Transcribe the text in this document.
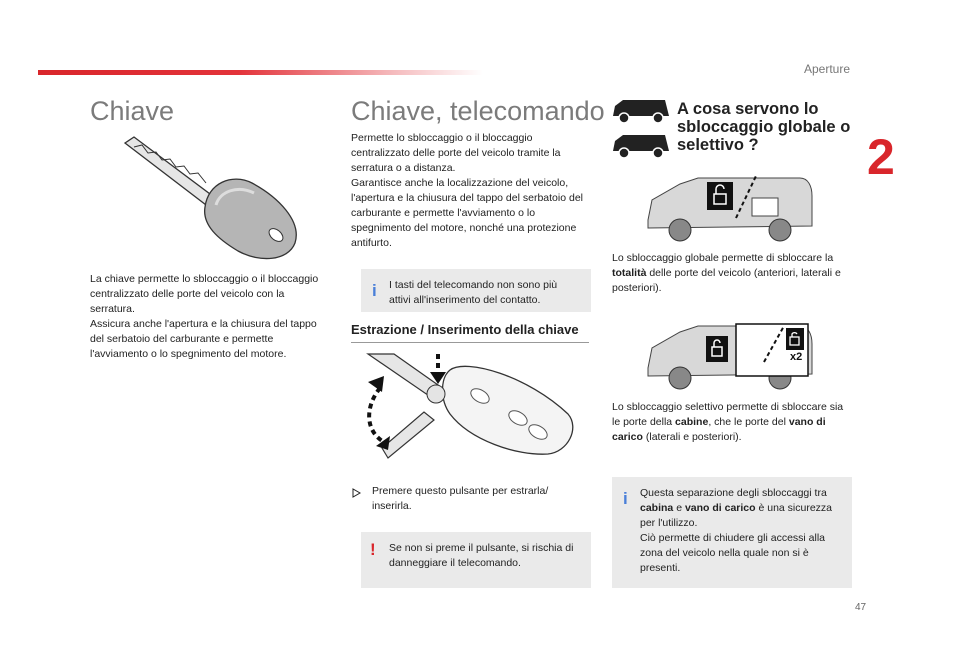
Aperture
2
47
Chiave

La chiave permette lo sbloccaggio o il bloccaggio centralizzato delle porte del veicolo con la serratura.

Assicura anche l'apertura e la chiusura del tappo del serbatoio del carburante e permette l'avviamento o lo spegnimento del motore.

Chiave, telecomando

Permette lo sbloccaggio o il bloccaggio centralizzato delle porte del veicolo tramite la serratura o a distanza.

Garantisce anche la localizzazione del veicolo, l'apertura e la chiusura del tappo del serbatoio del carburante e permette l'avviamento o lo spegnimento del motore, nonché una protezione antifurto.

i I tasti del telecomando non sono più attivi all'inserimento del contatto.
Estrazione / Inserimento della chiave

Premere questo pulsante per estrarla/ inserirla.

! Se non si preme il pulsante, si rischia di danneggiare il telecomando.
A cosa servono lo sbloccaggio globale o selettivo ?

Lo sbloccaggio globale permette di sbloccare la totalità delle porte del veicolo (anteriori, laterali e posteriori).

x2

Lo sbloccaggio selettivo permette di sbloccare sia le porte della cabine, che le porte del vano di carico (laterali e posteriori).

i Questa separazione degli sbloccaggi tra cabina e vano di carico è una sicurezza per l'utilizzo.
Ciò permette di chiudere gli accessi alla zona del veicolo nella quale non si è presenti.
